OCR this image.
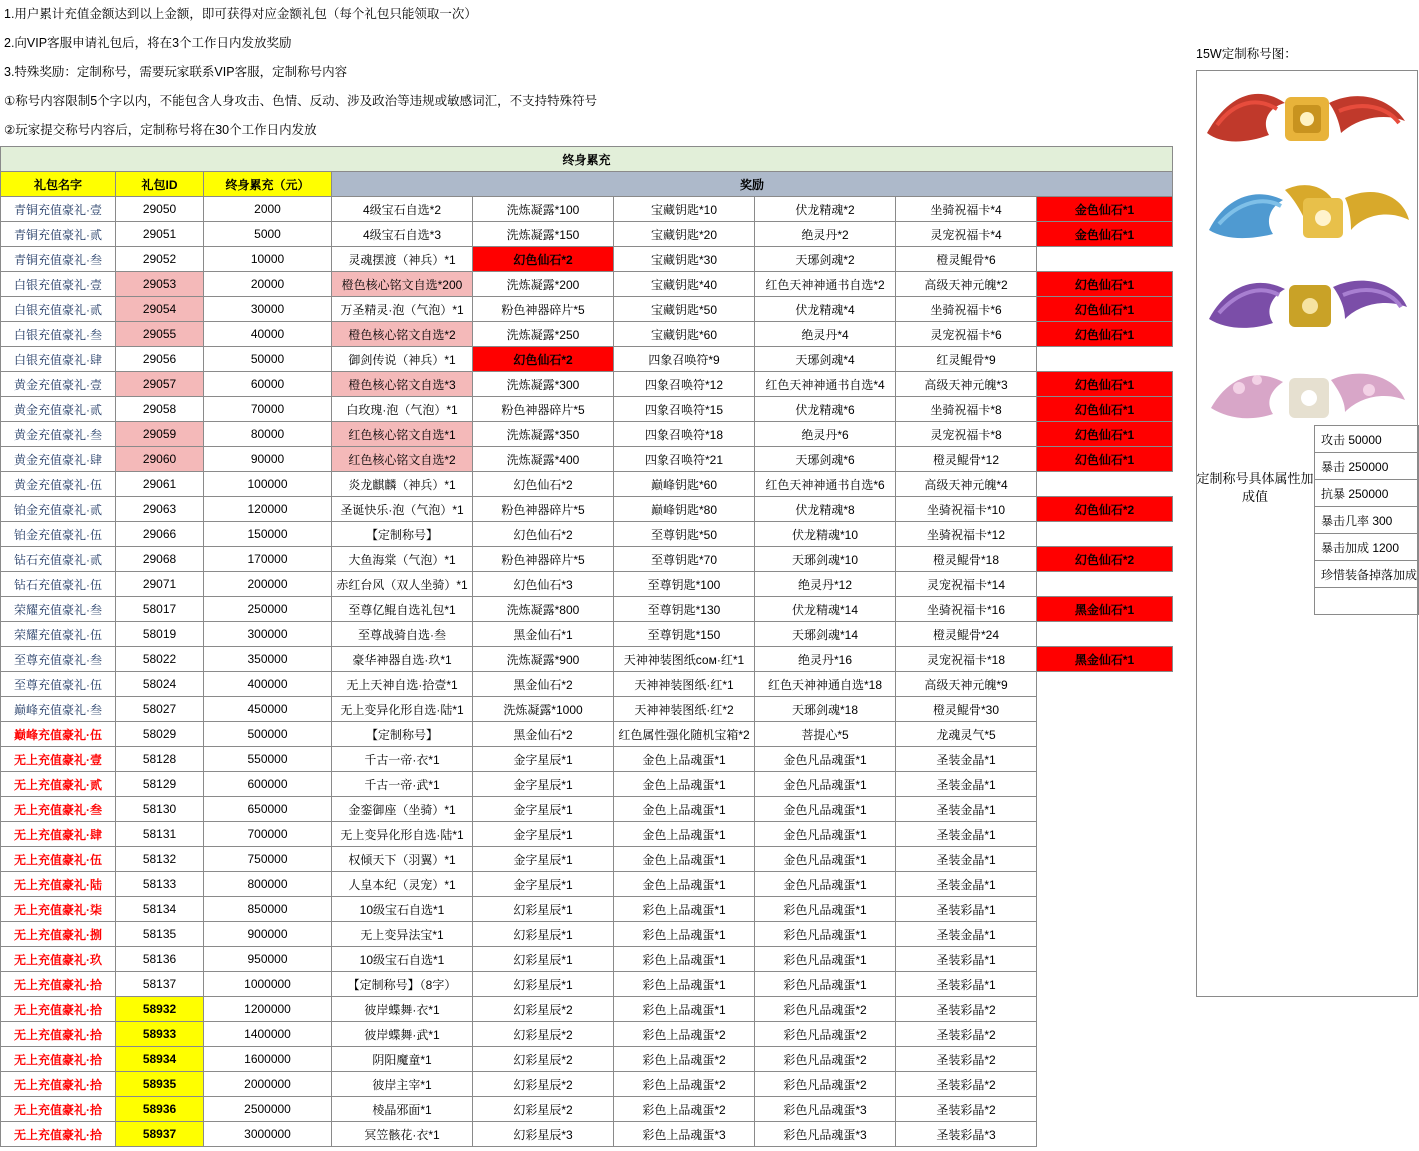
1.用户累计充值金额达到以上金额，即可获得对应金额礼包（每个礼包只能领取一次）
2.向VIP客服申请礼包后，将在3个工作日内发放奖励
3.特殊奖励：定制称号，需要玩家联系VIP客服，定制称号内容
①称号内容限制5个字以内，不能包含人身攻击、色情、反动、涉及政治等违规或敏感词汇，不支持特殊符号
②玩家提交称号内容后，定制称号将在30个工作日内发放
终身累充								
礼包名字	礼包ID	终身累充（元）	奖励					
青铜充值豪礼·壹	29050	2000	4级宝石自选*2	洗炼凝露*100	宝藏钥匙*10	伏龙精魂*2	坐骑祝福卡*4	金色仙石*1
青铜充值豪礼·贰	29051	5000	4级宝石自选*3	洗炼凝露*150	宝藏钥匙*20	绝灵丹*2	灵宠祝福卡*4	金色仙石*1
青铜充值豪礼·叁	29052	10000	灵魂摆渡（神兵）*1	幻色仙石*2	宝藏钥匙*30	天琊剑魂*2	橙灵鲲骨*6	
白银充值豪礼·壹	29053	20000	橙色核心铭文自选*200	洗炼凝露*200	宝藏钥匙*40	红色天神神通书自选*2	高级天神元魄*2	幻色仙石*1
白银充值豪礼·贰	29054	30000	万圣精灵·泡（气泡）*1	粉色神器碎片*5	宝藏钥匙*50	伏龙精魂*4	坐骑祝福卡*6	幻色仙石*1
白银充值豪礼·叁	29055	40000	橙色核心铭文自选*2	洗炼凝露*250	宝藏钥匙*60	绝灵丹*4	灵宠祝福卡*6	幻色仙石*1
白银充值豪礼·肆	29056	50000	御剑传说（神兵）*1	幻色仙石*2	四象召唤符*9	天琊剑魂*4	红灵鲲骨*9	
黄金充值豪礼·壹	29057	60000	橙色核心铭文自选*3	洗炼凝露*300	四象召唤符*12	红色天神神通书自选*4	高级天神元魄*3	幻色仙石*1
黄金充值豪礼·贰	29058	70000	白玫瑰·泡（气泡）*1	粉色神器碎片*5	四象召唤符*15	伏龙精魂*6	坐骑祝福卡*8	幻色仙石*1
黄金充值豪礼·叁	29059	80000	红色核心铭文自选*1	洗炼凝露*350	四象召唤符*18	绝灵丹*6	灵宠祝福卡*8	幻色仙石*1
黄金充值豪礼·肆	29060	90000	红色核心铭文自选*2	洗炼凝露*400	四象召唤符*21	天琊剑魂*6	橙灵鲲骨*12	幻色仙石*1
黄金充值豪礼·伍	29061	100000	炎龙麒麟（神兵）*1	幻色仙石*2	巅峰钥匙*60	红色天神神通书自选*6	高级天神元魄*4	
铂金充值豪礼·贰	29063	120000	圣诞快乐·泡（气泡）*1	粉色神器碎片*5	巅峰钥匙*80	伏龙精魂*8	坐骑祝福卡*10	幻色仙石*2
铂金充值豪礼·伍	29066	150000	【定制称号】	幻色仙石*2	至尊钥匙*50	伏龙精魂*10	坐骑祝福卡*12	
钻石充值豪礼·贰	29068	170000	大鱼海棠（气泡）*1	粉色神器碎片*5	至尊钥匙*70	天琊剑魂*10	橙灵鲲骨*18	幻色仙石*2
钻石充值豪礼·伍	29071	200000	赤红台风（双人坐骑）*1	幻色仙石*3	至尊钥匙*100	绝灵丹*12	灵宠祝福卡*14	
荣耀充值豪礼·叁	58017	250000	至尊亿鲲自选礼包*1	洗炼凝露*800	至尊钥匙*130	伏龙精魂*14	坐骑祝福卡*16	黑金仙石*1
荣耀充值豪礼·伍	58019	300000	至尊战骑自选·叁	黑金仙石*1	至尊钥匙*150	天琊剑魂*14	橙灵鲲骨*24	
至尊充值豪礼·叁	58022	350000	豪华神器自选·玖*1	洗炼凝露*900	天神神装图纸сом·红*1	绝灵丹*16	灵宠祝福卡*18	黑金仙石*1
至尊充值豪礼·伍	58024	400000	无上天神自选·拾壹*1	黑金仙石*2	天神神装图纸·红*1	红色天神神通自选*18	高级天神元魄*9	
巅峰充值豪礼·叁	58027	450000	无上变异化形自选·陆*1	洗炼凝露*1000	天神神装图纸·红*2	天琊剑魂*18	橙灵鲲骨*30	
巅峰充值豪礼·伍	58029	500000	【定制称号】	黑金仙石*2	红色属性强化随机宝箱*2	菩提心*5	龙魂灵气*5	
无上充值豪礼·壹	58128	550000	千古一帝·衣*1	金字星辰*1	金色上品魂蛋*1	金色凡品魂蛋*1	圣装金晶*1	
无上充值豪礼·贰	58129	600000	千古一帝·武*1	金字星辰*1	金色上品魂蛋*1	金色凡品魂蛋*1	圣装金晶*1	
无上充值豪礼·叁	58130	650000	金銮御座（坐骑）*1	金字星辰*1	金色上品魂蛋*1	金色凡品魂蛋*1	圣装金晶*1	
无上充值豪礼·肆	58131	700000	无上变异化形自选·陆*1	金字星辰*1	金色上品魂蛋*1	金色凡品魂蛋*1	圣装金晶*1	
无上充值豪礼·伍	58132	750000	权倾天下（羽翼）*1	金字星辰*1	金色上品魂蛋*1	金色凡品魂蛋*1	圣装金晶*1	
无上充值豪礼·陆	58133	800000	人皇本纪（灵宠）*1	金字星辰*1	金色上品魂蛋*1	金色凡品魂蛋*1	圣装金晶*1	
无上充值豪礼·柒	58134	850000	10级宝石自选*1	幻彩星辰*1	彩色上品魂蛋*1	彩色凡品魂蛋*1	圣装彩晶*1	
无上充值豪礼·捌	58135	900000	无上变异法宝*1	幻彩星辰*1	彩色上品魂蛋*1	彩色凡品魂蛋*1	圣装金晶*1	
无上充值豪礼·玖	58136	950000	10级宝石自选*1	幻彩星辰*1	彩色上品魂蛋*1	彩色凡品魂蛋*1	圣装彩晶*1	
无上充值豪礼·拾	58137	1000000	【定制称号】（8字）	幻彩星辰*1	彩色上品魂蛋*1	彩色凡品魂蛋*1	圣装彩晶*1	
无上充值豪礼·拾	58932	1200000	彼岸蝶舞·衣*1	幻彩星辰*2	彩色上品魂蛋*1	彩色凡品魂蛋*2	圣装彩晶*2	
无上充值豪礼·拾	58933	1400000	彼岸蝶舞·武*1	幻彩星辰*2	彩色上品魂蛋*2	彩色凡品魂蛋*2	圣装彩晶*2	
无上充值豪礼·拾	58934	1600000	阴阳魔童*1	幻彩星辰*2	彩色上品魂蛋*2	彩色凡品魂蛋*2	圣装彩晶*2	
无上充值豪礼·拾	58935	2000000	彼岸主宰*1	幻彩星辰*2	彩色上品魂蛋*2	彩色凡品魂蛋*2	圣装彩晶*2	
无上充值豪礼·拾	58936	2500000	棱晶邪面*1	幻彩星辰*2	彩色上品魂蛋*2	彩色凡品魂蛋*3	圣装彩晶*2	
无上充值豪礼·拾	58937	3000000	冥笠骸花·衣*1	幻彩星辰*3	彩色上品魂蛋*3	彩色凡品魂蛋*3	圣装彩晶*3	
15W定制称号图：
定制称号具体属性加成值
攻击 50000
暴击 250000
抗暴 250000
暴击几率 300
暴击加成 1200
珍惜装备掉落加成
